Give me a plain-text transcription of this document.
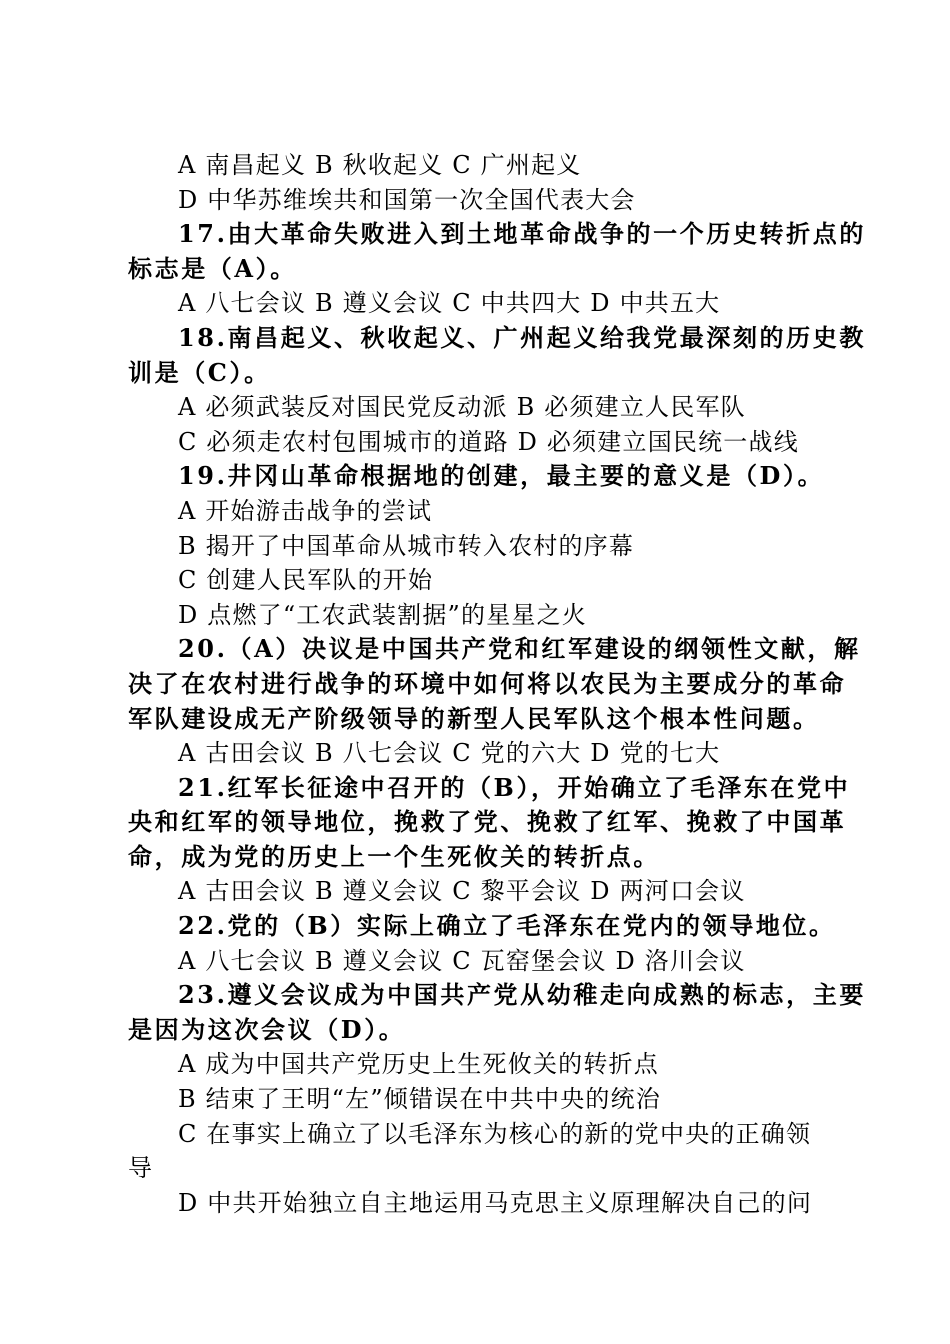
A 南昌起义 B 秋收起义 C 广州起义
D 中华苏维埃共和国第一次全国代表大会
17.由大革命失败进入到土地革命战争的一个历史转折点的
标志是（A）。
A 八七会议 B 遵义会议 C 中共四大 D 中共五大
18.南昌起义、秋收起义、广州起义给我党最深刻的历史教
训是（C）。
A 必须武装反对国民党反动派 B 必须建立人民军队
C 必须走农村包围城市的道路 D 必须建立国民统一战线
19.井冈山革命根据地的创建，最主要的意义是（D）。
A 开始游击战争的尝试
B 揭开了中国革命从城市转入农村的序幕
C 创建人民军队的开始
D 点燃了“工农武装割据”的星星之火
20.（A）决议是中国共产党和红军建设的纲领性文献，解
决了在农村进行战争的环境中如何将以农民为主要成分的革命
军队建设成无产阶级领导的新型人民军队这个根本性问题。
A 古田会议 B 八七会议 C 党的六大 D 党的七大
21.红军长征途中召开的（B），开始确立了毛泽东在党中
央和红军的领导地位，挽救了党、挽救了红军、挽救了中国革
命，成为党的历史上一个生死攸关的转折点。
A 古田会议 B 遵义会议 C 黎平会议 D 两河口会议
22.党的（B）实际上确立了毛泽东在党内的领导地位。
A 八七会议 B 遵义会议 C 瓦窑堡会议 D 洛川会议
23.遵义会议成为中国共产党从幼稚走向成熟的标志，主要
是因为这次会议（D）。
A 成为中国共产党历史上生死攸关的转折点
B 结束了王明“左”倾错误在中共中央的统治
C 在事实上确立了以毛泽东为核心的新的党中央的正确领
导
D 中共开始独立自主地运用马克思主义原理解决自己的问
